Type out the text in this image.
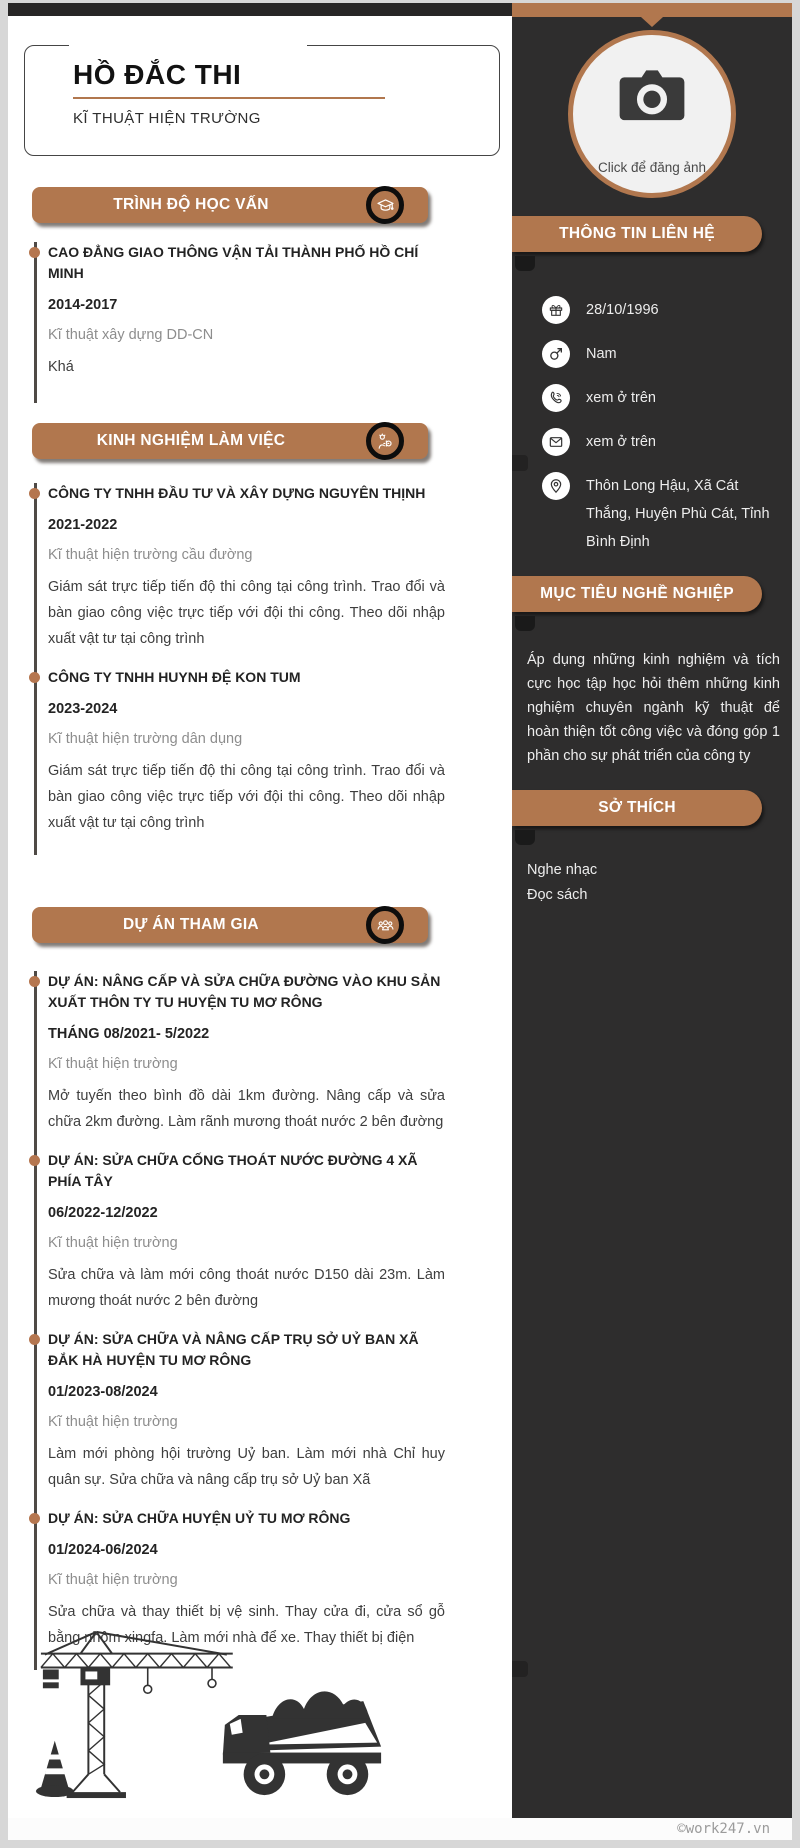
HỒ ĐẮC THI
KĨ THUẬT HIỆN TRƯỜNG
TRÌNH ĐỘ HỌC VẤN

CAO ĐẲNG GIAO THÔNG VẬN TẢI THÀNH PHỐ HỒ CHÍ MINH

2014-2017

Kĩ thuật xây dựng DD-CN

Khá

KINH NGHIỆM LÀM VIỆC

CÔNG TY TNHH ĐẦU TƯ VÀ XÂY DỰNG NGUYÊN THỊNH

2021-2022

Kĩ thuật hiện trường cầu đường

Giám sát trực tiếp tiến độ thi công tại công trình. Trao đổi và bàn giao công việc trực tiếp với đội thi công. Theo dõi nhập xuất vật tư tại công trình

CÔNG TY TNHH HUYNH ĐỆ KON TUM

2023-2024

Kĩ thuật hiện trường dân dụng

Giám sát trực tiếp tiến độ thi công tại công trình. Trao đổi và bàn giao công việc trực tiếp với đội thi công. Theo dõi nhập xuất vật tư tại công trình

DỰ ÁN THAM GIA

DỰ ÁN: NÂNG CẤP VÀ SỬA CHỮA ĐƯỜNG VÀO KHU SẢN XUẤT THÔN TY TU HUYỆN TU MƠ RÔNG

THÁNG 08/2021- 5/2022

Kĩ thuật hiện trường

Mở tuyến theo bình đồ dài 1km đường. Nâng cấp và sửa chữa 2km đường. Làm rãnh mương thoát nước 2 bên đường

DỰ ÁN: SỬA CHỮA CỐNG THOÁT NƯỚC ĐƯỜNG 4 XÃ PHÍA TÂY

06/2022-12/2022

Kĩ thuật hiện trường

Sửa chữa và làm mới công thoát nước D150 dài 23m. Làm mương thoát nước 2 bên đường

DỰ ÁN: SỬA CHỮA VÀ NÂNG CẤP TRỤ SỞ UỶ BAN XÃ ĐẮK HÀ HUYỆN TU MƠ RÔNG

01/2023-08/2024

Kĩ thuật hiện trường

Làm mới phòng hội trường Uỷ ban. Làm mới nhà Chỉ huy quân sự. Sửa chữa và nâng cấp trụ sở Uỷ ban Xã

DỰ ÁN: SỬA CHỮA HUYỆN UỶ TU MƠ RÔNG

01/2024-06/2024

Kĩ thuật hiện trường

Sửa chữa và thay thiết bị vệ sinh. Thay cửa đi, cửa sổ gỗ bằng nhôm xingfa. Làm mới nhà để xe. Thay thiết bị điện

Click để đăng ảnh
THÔNG TIN LIÊN HỆ
28/10/1996
Nam
xem ở trên
xem ở trên
Thôn Long Hậu, Xã Cát Thắng, Huyện Phù Cát, Tỉnh Bình Định
MỤC TIÊU NGHỀ NGHIỆP

Áp dụng những kinh nghiệm và tích cực học tập học hỏi thêm những kinh nghiệm chuyên ngành kỹ thuật để hoàn thiện tốt công việc và đóng góp 1 phần cho sự phát triển của công ty

SỞ THÍCH
Nghe nhạc
Đọc sách
©work247.vn
